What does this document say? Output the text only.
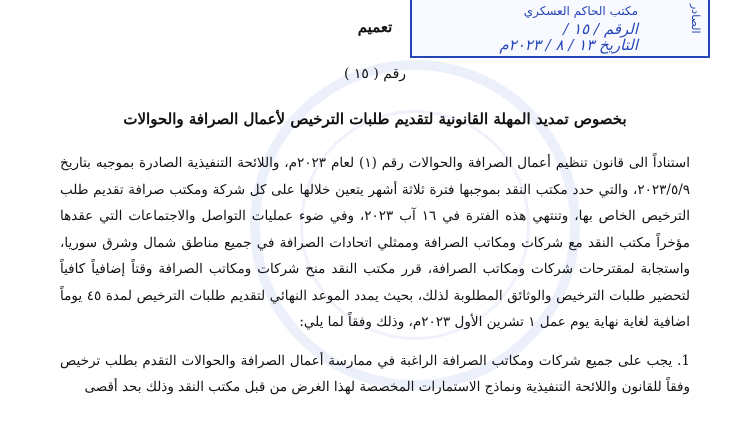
مكتب الحاكم العسكري
الرقم / ١٥ /
التاريخ ١٣ / ٨ / ٢٠٢٣م
الصادر
تعميم
رقم ( ١٥ )
بخصوص تمديد المهلة القانونية لتقديم طلبات الترخيص لأعمال الصرافة والحوالات

استناداً الى قانون تنظيم أعمال الصرافة والحوالات رقم (١) لعام ٢٠٢٣م، واللائحة التنفيذية الصادرة بموجبه بتاريخ ٢٠٢٣/٥/٩، والتي حدد مكتب النقد بموجبها فترة ثلاثة أشهر يتعين خلالها على كل شركة ومكتب صرافة تقديم طلب الترخيص الخاص بها، وتنتهي هذه الفترة في ١٦ آب ٢٠٢٣، وفي ضوء عمليات التواصل والاجتماعات التي عقدها مؤخراً مكتب النقد مع شركات ومكاتب الصرافة وممثلي اتحادات الصرافة في جميع مناطق شمال وشرق سوريا، واستجابة لمقترحات شركات ومكاتب الصرافة، قرر مكتب النقد منح شركات ومكاتب الصرافة وقتاً إضافياً كافياً لتحضير طلبات الترخيص والوثائق المطلوبة لذلك، بحيث يمدد الموعد النهائي لتقديم طلبات الترخيص لمدة ٤٥ يوماً اضافية لغاية نهاية يوم عمل ١ تشرين الأول ٢٠٢٣م، وذلك وفقاً لما يلي:

1. يجب على جميع شركات ومكاتب الصرافة الراغبة في ممارسة أعمال الصرافة والحوالات التقدم بطلب ترخيص وفقاً للقانون واللائحة التنفيذية ونماذج الاستمارات المخصصة لهذا الغرض من قبل مكتب النقد وذلك بحد أقصى
